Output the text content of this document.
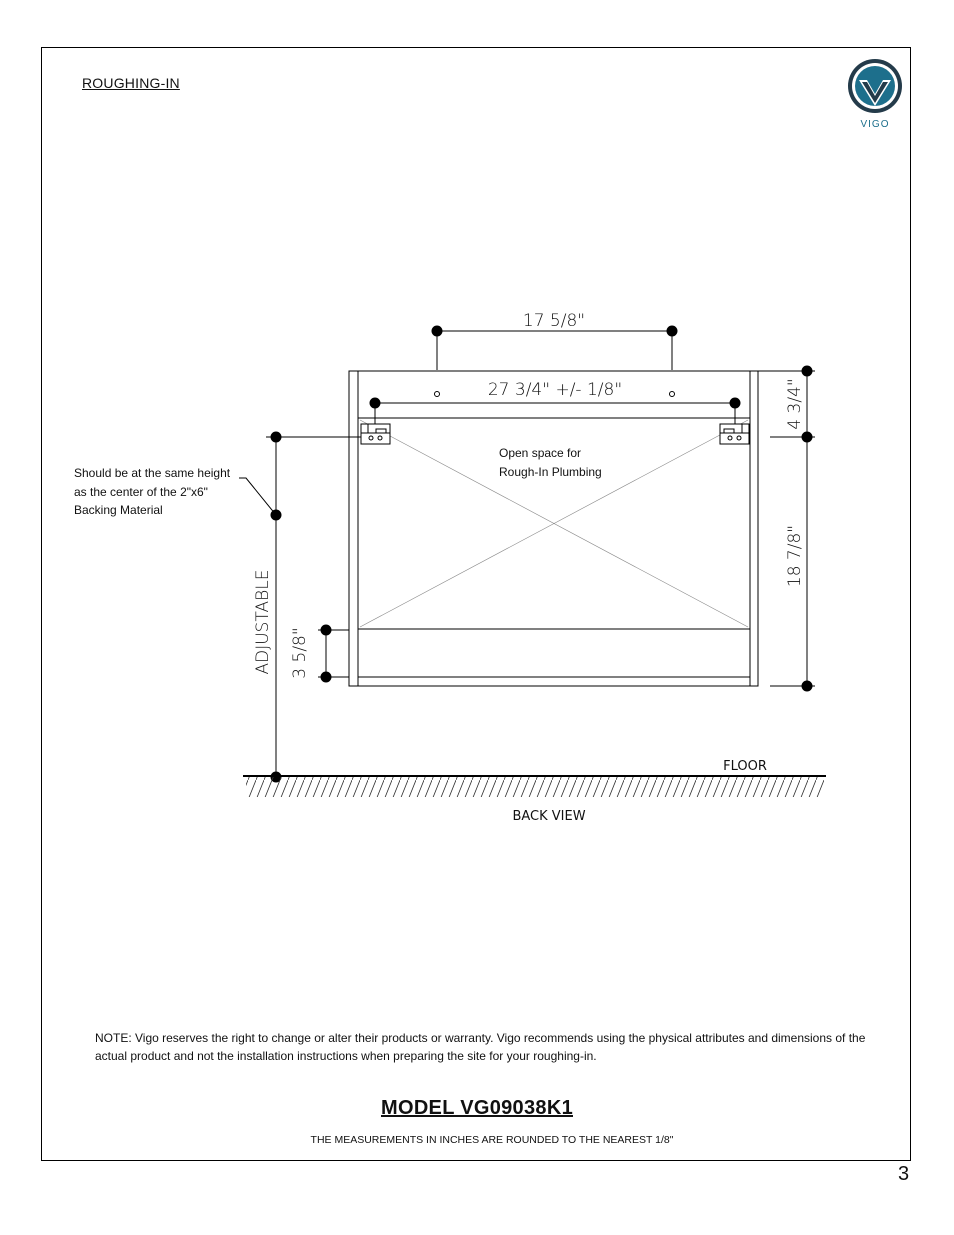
ROUGHING-IN
VIGO
17 5/8"
27 3/4" +/- 1/8"	4 3/4"
18 7/8"
ADJUSTABLE 3 5/8"
Open space for
Rough-In Plumbing
Should be at the same height
as the center of the 2"x6"
Backing Material
FLOOR
BACK VIEW
NOTE: Vigo reserves the right to change or alter their products or warranty. Vigo recommends using the physical attributes and dimensions of the actual product and not the installation instructions when preparing the site for your roughing-in.
MODEL VG09038K1
THE MEASUREMENTS IN INCHES ARE ROUNDED TO THE NEAREST 1/8"
3
